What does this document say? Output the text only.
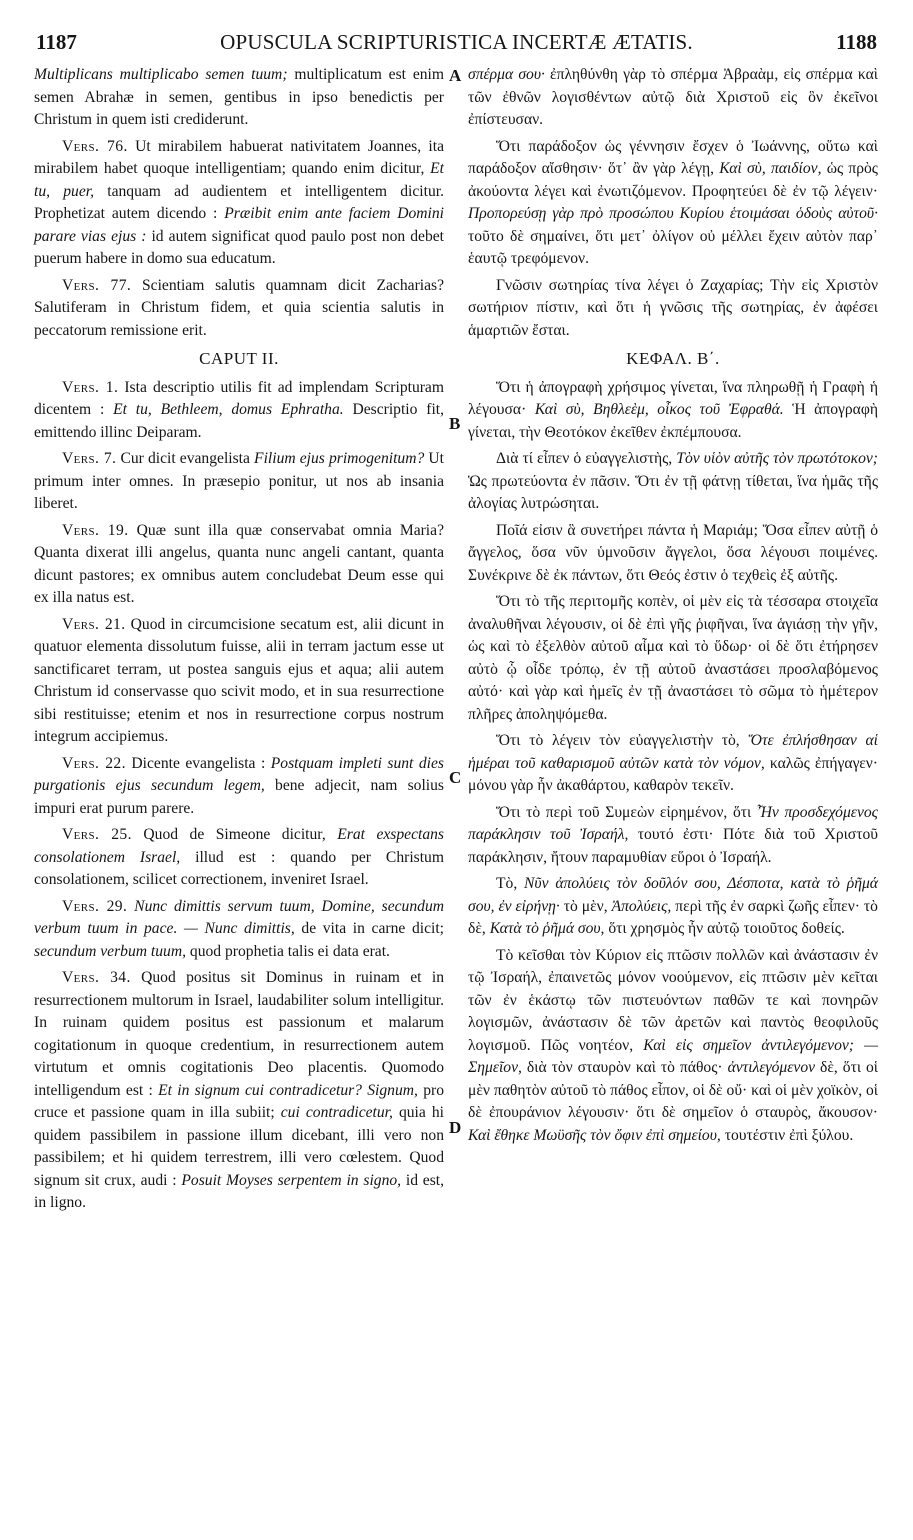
1187	OPUSCULA SCRIPTURISTICA INCERTÆ ÆTATIS.	1188
A
B
C
D

Multiplicans multiplicabo semen tuum; multiplicatum est enim semen Abrahæ in semen, gentibus in ipso benedictis per Christum in quem isti crediderunt.

Vers. 76. Ut mirabilem habuerat nativitatem Joannes, ita mirabilem habet quoque intelligentiam; quando enim dicitur, Et tu, puer, tanquam ad audientem et intelligentem dicitur. Prophetizat autem dicendo : Præibit enim ante faciem Domini parare vias ejus : id autem significat quod paulo post non debet puerum habere in domo sua educatum.

Vers. 77. Scientiam salutis quamnam dicit Zacharias? Salutiferam in Christum fidem, et quia scientia salutis in peccatorum remissione erit.

CAPUT II.

Vers. 1. Ista descriptio utilis fit ad implendam Scripturam dicentem : Et tu, Bethleem, domus Ephratha. Descriptio fit, emittendo illinc Deiparam.

Vers. 7. Cur dicit evangelista Filium ejus primogenitum? Ut primum inter omnes. In præsepio ponitur, ut nos ab insania liberet.

Vers. 19. Quæ sunt illa quæ conservabat omnia Maria? Quanta dixerat illi angelus, quanta nunc angeli cantant, quanta dicunt pastores; ex omnibus autem concludebat Deum esse qui ex illa natus est.

Vers. 21. Quod in circumcisione secatum est, alii dicunt in quatuor elementa dissolutum fuisse, alii in terram jactum esse ut sanctificaret terram, ut postea sanguis ejus et aqua; alii autem Christum id conservasse quo scivit modo, et in sua resurrectione sibi restituisse; etenim et nos in resurrectione corpus nostrum integrum accipiemus.

Vers. 22. Dicente evangelista : Postquam impleti sunt dies purgationis ejus secundum legem, bene adjecit, nam solius impuri erat purum parere.

Vers. 25. Quod de Simeone dicitur, Erat exspectans consolationem Israel, illud est : quando per Christum consolationem, scilicet correctionem, inveniret Israel.

Vers. 29. Nunc dimittis servum tuum, Domine, secundum verbum tuum in pace. — Nunc dimittis, de vita in carne dicit; secundum verbum tuum, quod prophetia talis ei data erat.

Vers. 34. Quod positus sit Dominus in ruinam et in resurrectionem multorum in Israel, laudabiliter solum intelligitur. In ruinam quidem positus est passionum et malarum cogitationum in quoque credentium, in resurrectionem autem virtutum et omnis cogitationis Deo placentis. Quomodo intelligendum est : Et in signum cui contradicetur? Signum, pro cruce et passione quam in illa subiit; cui contradicetur, quia hi quidem passibilem in passione illum dicebant, illi vero non passibilem; et hi quidem terrestrem, illi vero cœlestem. Quod signum sit crux, audi : Posuit Moyses serpentem in signo, id est, in ligno.

σπέρμα σου· ἐπληθύνθη γὰρ τὸ σπέρμα Ἀβραὰμ, εἰς σπέρμα καὶ τῶν ἐθνῶν λογισθέντων αὐτῷ διὰ Χριστοῦ εἰς ὃν ἐκεῖνοι ἐπίστευσαν.

Ὅτι παράδοξον ὡς γέννησιν ἔσχεν ὁ Ἰωάννης, οὕτω καὶ παράδοξον αἴσθησιν· ὅτ᾽ ἂν γὰρ λέγῃ, Καὶ σὺ, παιδίον, ὡς πρὸς ἀκούοντα λέγει καὶ ἐνωτιζόμενον. Προφητεύει δὲ ἐν τῷ λέγειν· Προπορεύσῃ γὰρ πρὸ προσώπου Κυρίου ἑτοιμάσαι ὁδοὺς αὐτοῦ· τοῦτο δὲ σημαίνει, ὅτι μετ᾽ ὀλίγον οὐ μέλλει ἔχειν αὐτὸν παρ᾽ ἑαυτῷ τρεφόμενον.

Γνῶσιν σωτηρίας τίνα λέγει ὁ Ζαχαρίας; Τὴν εἰς Χριστὸν σωτήριον πίστιν, καὶ ὅτι ἡ γνῶσις τῆς σωτηρίας, ἐν ἀφέσει ἁμαρτιῶν ἔσται.

ΚΕΦΑΛ. Β΄.

Ὅτι ἡ ἀπογραφὴ χρήσιμος γίνεται, ἵνα πληρωθῇ ἡ Γραφὴ ἡ λέγουσα· Καὶ σὺ, Βηθλεὲμ, οἶκος τοῦ Ἐφραθά. Ἡ ἀπογραφὴ γίνεται, τὴν Θεοτόκον ἐκεῖθεν ἐκπέμπουσα.

Διὰ τί εἶπεν ὁ εὐαγγελιστὴς, Τὸν υἱὸν αὐτῆς τὸν πρωτότοκον; Ὡς πρωτεύοντα ἐν πᾶσιν. Ὅτι ἐν τῇ φάτνῃ τίθεται, ἵνα ἡμᾶς τῆς ἀλογίας λυτρώσηται.

Ποῖά εἰσιν ἃ συνετήρει πάντα ἡ Μαριάμ; Ὅσα εἶπεν αὐτῇ ὁ ἄγγελος, ὅσα νῦν ὑμνοῦσιν ἄγγελοι, ὅσα λέγουσι ποιμένες. Συνέκρινε δὲ ἐκ πάντων, ὅτι Θεός ἐστιν ὁ τεχθεὶς ἐξ αὐτῆς.

Ὅτι τὸ τῆς περιτομῆς κοπὲν, οἱ μὲν εἰς τὰ τέσσαρα στοιχεῖα ἀναλυθῆναι λέγουσιν, οἱ δὲ ἐπὶ γῆς ῥιφῆναι, ἵνα ἁγιάσῃ τὴν γῆν, ὡς καὶ τὸ ἐξελθὸν αὐτοῦ αἷμα καὶ τὸ ὕδωρ· οἱ δὲ ὅτι ἐτήρησεν αὐτὸ ᾧ οἶδε τρόπῳ, ἐν τῇ αὐτοῦ ἀναστάσει προσλαβόμενος αὐτό· καὶ γὰρ καὶ ἡμεῖς ἐν τῇ ἀναστάσει τὸ σῶμα τὸ ἡμέτερον πλῆρες ἀποληψόμεθα.

Ὅτι τὸ λέγειν τὸν εὐαγγελιστὴν τὸ, Ὅτε ἐπλήσθησαν αἱ ἡμέραι τοῦ καθαρισμοῦ αὐτῶν κατὰ τὸν νόμον, καλῶς ἐπήγαγεν· μόνου γὰρ ἦν ἀκαθάρτου, καθαρὸν τεκεῖν.

Ὅτι τὸ περὶ τοῦ Συμεὼν εἰρημένον, ὅτι Ἦν προσδεχόμενος παράκλησιν τοῦ Ἰσραήλ, τουτό ἐστι· Πότε διὰ τοῦ Χριστοῦ παράκλησιν, ἤτουν παραμυθίαν εὕροι ὁ Ἰσραήλ.

Τὸ, Νῦν ἀπολύεις τὸν δοῦλόν σου, Δέσποτα, κατὰ τὸ ῥῆμά σου, ἐν εἰρήνῃ· τὸ μὲν, Ἀπολύεις, περὶ τῆς ἐν σαρκὶ ζωῆς εἶπεν· τὸ δὲ, Κατὰ τὸ ῥῆμά σου, ὅτι χρησμὸς ἦν αὐτῷ τοιοῦτος δοθείς.

Τὸ κεῖσθαι τὸν Κύριον εἰς πτῶσιν πολλῶν καὶ ἀνάστασιν ἐν τῷ Ἰσραήλ, ἐπαινετῶς μόνον νοούμενον, εἰς πτῶσιν μὲν κεῖται τῶν ἐν ἑκάστῳ τῶν πιστευόντων παθῶν τε καὶ πονηρῶν λογισμῶν, ἀνάστασιν δὲ τῶν ἀρετῶν καὶ παντὸς θεοφιλοῦς λογισμοῦ. Πῶς νοητέον, Καὶ εἰς σημεῖον ἀντιλεγόμενον; — Σημεῖον, διὰ τὸν σταυρὸν καὶ τὸ πάθος· ἀντιλεγόμενον δὲ, ὅτι οἱ μὲν παθητὸν αὐτοῦ τὸ πάθος εἶπον, οἱ δὲ οὔ· καὶ οἱ μὲν χοϊκὸν, οἱ δὲ ἐπουράνιον λέγουσιν· ὅτι δὲ σημεῖον ὁ σταυρὸς, ἄκουσον· Καὶ ἔθηκε Μωϋσῆς τὸν ὄφιν ἐπὶ σημείου, τουτέστιν ἐπὶ ξύλου.
